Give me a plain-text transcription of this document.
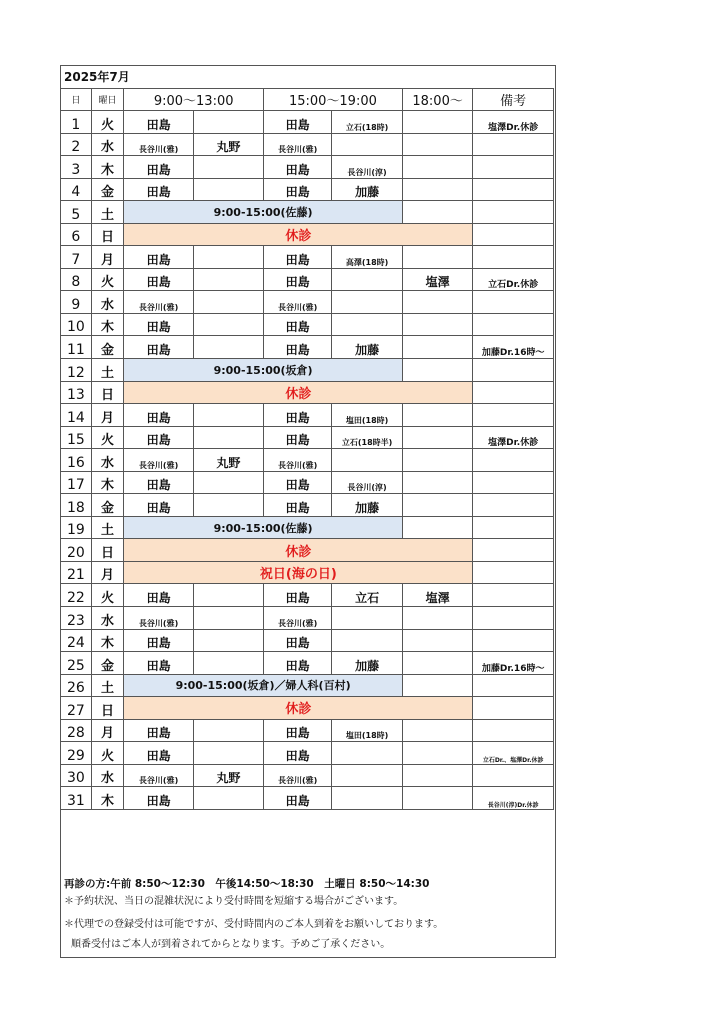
2025年7月
日	曜日	9:00～13:00		15:00～19:00		18:00～	備考
1	火	田島		田島	立石(18時)		塩澤Dr.休診
2	水	長谷川(雅)	丸野	長谷川(雅)			
3	木	田島		田島	長谷川(淳)		
4	金	田島		田島	加藤		
5	土	9:00-15:00(佐藤)					
6	日	休診					
7	月	田島		田島	高澤(18時)		
8	火	田島		田島		塩澤	立石Dr.休診
9	水	長谷川(雅)		長谷川(雅)			
10	木	田島		田島			
11	金	田島		田島	加藤		加藤Dr.16時～
12	土	9:00-15:00(坂倉)					
13	日	休診					
14	月	田島		田島	塩田(18時)		
15	火	田島		田島	立石(18時半)		塩澤Dr.休診
16	水	長谷川(雅)	丸野	長谷川(雅)			
17	木	田島		田島	長谷川(淳)		
18	金	田島		田島	加藤		
19	土	9:00-15:00(佐藤)					
20	日	休診					
21	月	祝日(海の日)					
22	火	田島		田島	立石	塩澤	
23	水	長谷川(雅)		長谷川(雅)			
24	木	田島		田島			
25	金	田島		田島	加藤		加藤Dr.16時～
26	土	9:00-15:00(坂倉)／婦人科(百村)					
27	日	休診					
28	月	田島		田島	塩田(18時)		
29	火	田島		田島			立石Dr.、塩澤Dr.休診
30	水	長谷川(雅)	丸野	長谷川(雅)			
31	木	田島		田島			長谷川(淳)Dr.休診
再診の方:午前 8:50～12:30　午後14:50～18:30　土曜日 8:50～14:30
＊予約状況、当日の混雑状況により受付時間を短縮する場合がございます。
＊代理での登録受付は可能ですが、受付時間内のご本人到着をお願いしております。
順番受付はご本人が到着されてからとなります。予めご了承ください。
